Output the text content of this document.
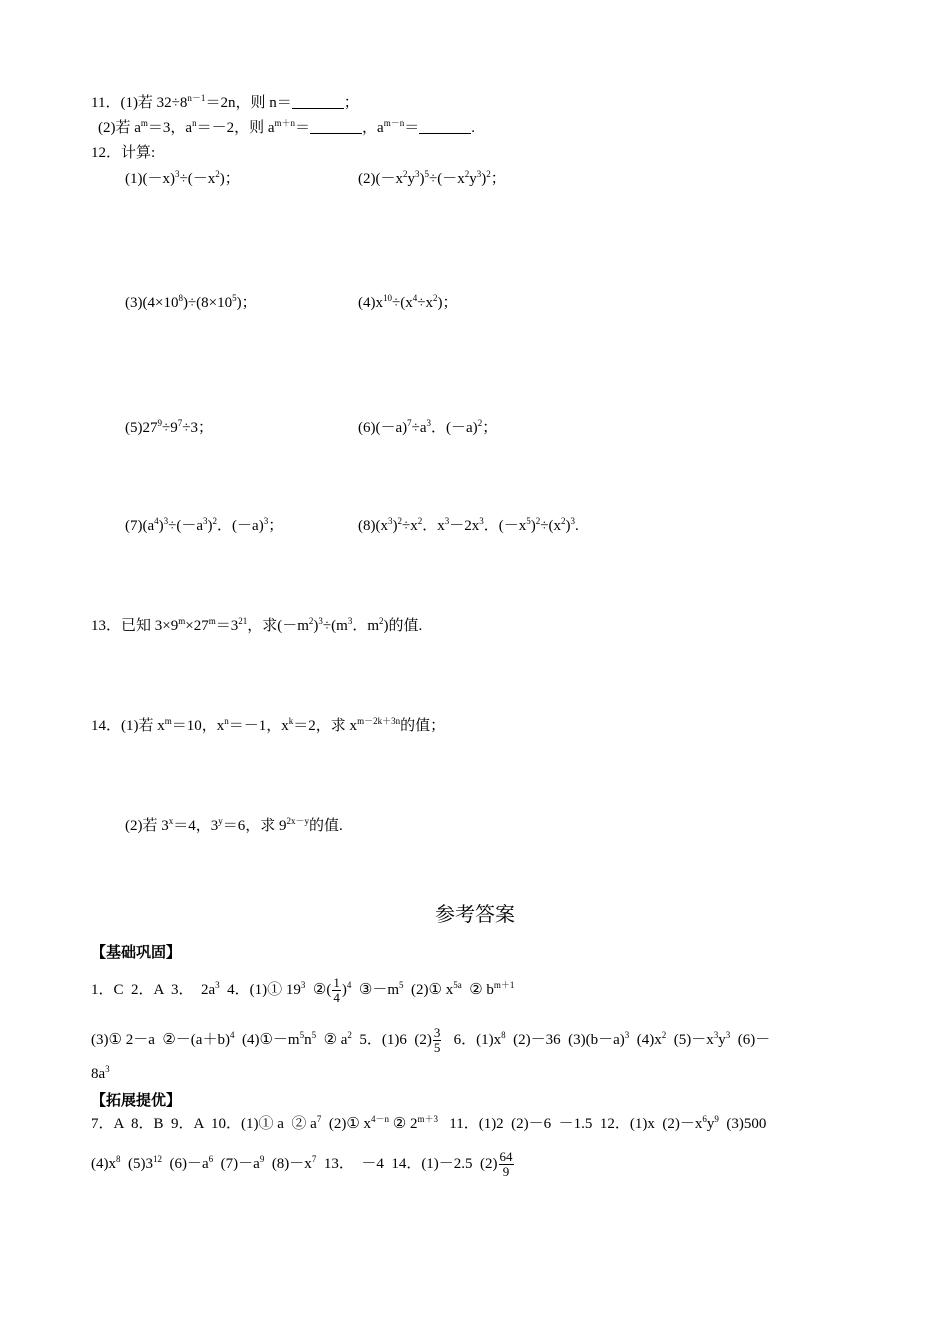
11．(1)若 $32\div 8^{n-1}=2n$，则 n＝	；
(2)若 $a^m=3$，$a^n=-2$，则 $a^{m+n}=$	，$a^{m-n}=$	.
12．计算:
$(1)(-x)^3\div(-x^2)$；	$(2)(-x^2y^3)^5\div(-x^2y^3)^2$；
$(3)(4\times 10^8)\div(8\times 10^5)$；	$(4)x^{10}\div(x^4\div x^2)$；
$(5)27^9\div 9^7\div 3$；	$(6)(-a)^7\div a^3$．$(-a)^2$；
$(7)(a^4)^3\div(-a^3)^2$．$(-a)^3$；	$(8)(x^3)^2\div x^2$．$x^3-2x^3$．$(-x^5)^2\div(x^2)^3$.
13．已知 $3\times 9^m\times 27^m=3^{21}$，求$(-m^2)^3\div(m^3$．$m^2$)的值.
14．(1)若 $x^m=10$，$x^n=-1$，$x^k=2$，求 $x^{m-2k+3n}$的值；
(2)若 $3^x=4$，$3^y=6$，求 $9^{2x-y}$的值.
参考答案
【基础巩固】
1．C  2．A  3．  $2a^3$  4．(1)① $19^3$  ②( $\frac{1}{4} )^4$  $③-m^5$  (2)① $x^{5a}$  ② $b^{m+1}$
(3)① 2－a  $②-(a+b)^4$  $(4)①-m^5n^5$  ② $a^2$  5．(1)6  $(2) \frac{3}{5} 6$．$(1)x^8$  (2)－36  $(3)(b-a)^3$  $(4)x^2$  $(5)-x^3y^3$  (6)－
$8a^3$
【拓展提优】
7．A  8．B  9．A  10．(1)① a  ② $a^7$  (2)① $x^{4-n}$ ② $2^{m+3}$   11．(1)2  (2)－6  －1.5  12．(1)x  $(2)-x^6y^9$  (3)500
$(4)x^8$  $(5)3^{12}$  $(6)-a^6$  $(7)-a^9$  $(8)-x^7$  13．  －4  14．(1)－2.5  $(2) \frac{64}{9}$
